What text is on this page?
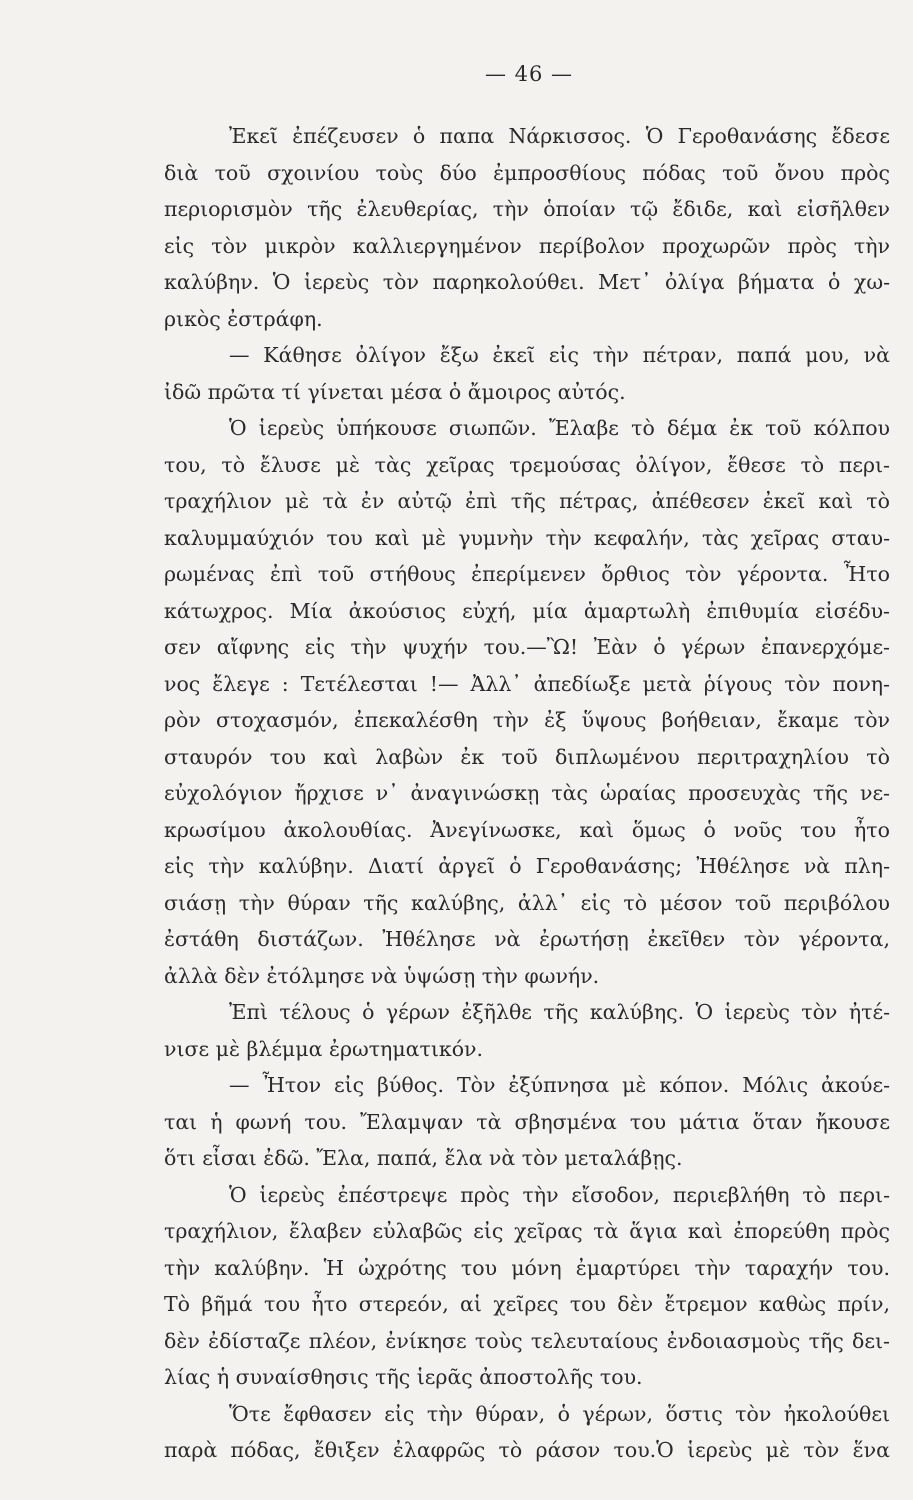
— 46 —
Ἐκεῖ ἐπέζευσεν ὁ παπα Νάρκισσος. Ὁ Γεροθανάσης ἔδεσε
διὰ τοῦ σχοινίου τοὺς δύο ἐμπροσθίους πόδας τοῦ ὄνου πρὸς
περιορισμὸν τῆς ἐλευθερίας, τὴν ὁποίαν τῷ ἔδιδε, καὶ εἰσῆλθεν
εἰς τὸν μικρὸν καλλιεργημένον περίβολον προχωρῶν πρὸς τὴν
καλύβην. Ὁ ἱερεὺς τὸν παρηκολούθει. Μετ᾽ ὀλίγα βήματα ὁ χω-
ρικὸς ἐστράφη.
— Κάθησε ὀλίγον ἔξω ἐκεῖ εἰς τὴν πέτραν, παπά μου, νὰ
ἰδῶ πρῶτα τί γίνεται μέσα ὁ ἄμοιρος αὐτός.
Ὁ ἱερεὺς ὑπήκουσε σιωπῶν. Ἔλαβε τὸ δέμα ἐκ τοῦ κόλπου
του, τὸ ἔλυσε μὲ τὰς χεῖρας τρεμούσας ὀλίγον, ἔθεσε τὸ περι-
τραχήλιον μὲ τὰ ἐν αὐτῷ ἐπὶ τῆς πέτρας, ἀπέθεσεν ἐκεῖ καὶ τὸ
καλυμμαύχιόν του καὶ μὲ γυμνὴν τὴν κεφαλήν, τὰς χεῖρας σταυ-
ρωμένας ἐπὶ τοῦ στήθους ἐπερίμενεν ὄρθιος τὸν γέροντα. Ἦτο
κάτωχρος. Μία ἀκούσιος εὐχή, μία ἁμαρτωλὴ ἐπιθυμία εἰσέδυ-
σεν αἴφνης εἰς τὴν ψυχήν του.—Ὢ! Ἐὰν ὁ γέρων ἐπανερχόμε-
νος ἔλεγε : Τετέλεσται !— Ἀλλ᾽ ἀπεδίωξε μετὰ ῥίγους τὸν πονη-
ρὸν στοχασμόν, ἐπεκαλέσθη τὴν ἐξ ὕψους βοήθειαν, ἔκαμε τὸν
σταυρόν του καὶ λαβὼν ἐκ τοῦ διπλωμένου περιτραχηλίου τὸ
εὐχολόγιον ἤρχισε ν᾽ ἀναγινώσκῃ τὰς ὡραίας προσευχὰς τῆς νε-
κρωσίμου ἀκολουθίας. Ἀνεγίνωσκε, καὶ ὅμως ὁ νοῦς του ἦτο
εἰς τὴν καλύβην. Διατί ἀργεῖ ὁ Γεροθανάσης; Ἠθέλησε νὰ πλη-
σιάσῃ τὴν θύραν τῆς καλύβης, ἀλλ᾽ εἰς τὸ μέσον τοῦ περιβόλου
ἐστάθη διστάζων. Ἠθέλησε νὰ ἐρωτήσῃ ἐκεῖθεν τὸν γέροντα,
ἀλλὰ δὲν ἐτόλμησε νὰ ὑψώσῃ τὴν φωνήν.
Ἐπὶ τέλους ὁ γέρων ἐξῆλθε τῆς καλύβης. Ὁ ἱερεὺς τὸν ἠτέ-
νισε μὲ βλέμμα ἐρωτηματικόν.
— Ἦτον εἰς βύθος. Τὸν ἐξύπνησα μὲ κόπον. Μόλις ἀκούε-
ται ἡ φωνή του. Ἔλαμψαν τὰ σβησμένα του μάτια ὅταν ἤκουσε
ὅτι εἶσαι ἐδῶ. Ἔλα, παπά, ἔλα νὰ τὸν μεταλάβῃς.
Ὁ ἱερεὺς ἐπέστρεψε πρὸς τὴν εἴσοδον, περιεβλήθη τὸ περι-
τραχήλιον, ἔλαβεν εὐλαβῶς εἰς χεῖρας τὰ ἅγια καὶ ἐπορεύθη πρὸς
τὴν καλύβην. Ἡ ὠχρότης του μόνη ἐμαρτύρει τὴν ταραχήν του.
Τὸ βῆμά του ἦτο στερεόν, αἱ χεῖρες του δὲν ἔτρεμον καθὼς πρίν,
δὲν ἐδίσταζε πλέον, ἐνίκησε τοὺς τελευταίους ἐνδοιασμοὺς τῆς δει-
λίας ἡ συναίσθησις τῆς ἱερᾶς ἀποστολῆς του.
Ὅτε ἔφθασεν εἰς τὴν θύραν, ὁ γέρων, ὅστις τὸν ἠκολούθει
παρὰ πόδας, ἔθιξεν ἐλαφρῶς τὸ ράσον του.Ὁ ἱερεὺς μὲ τὸν ἕνα
